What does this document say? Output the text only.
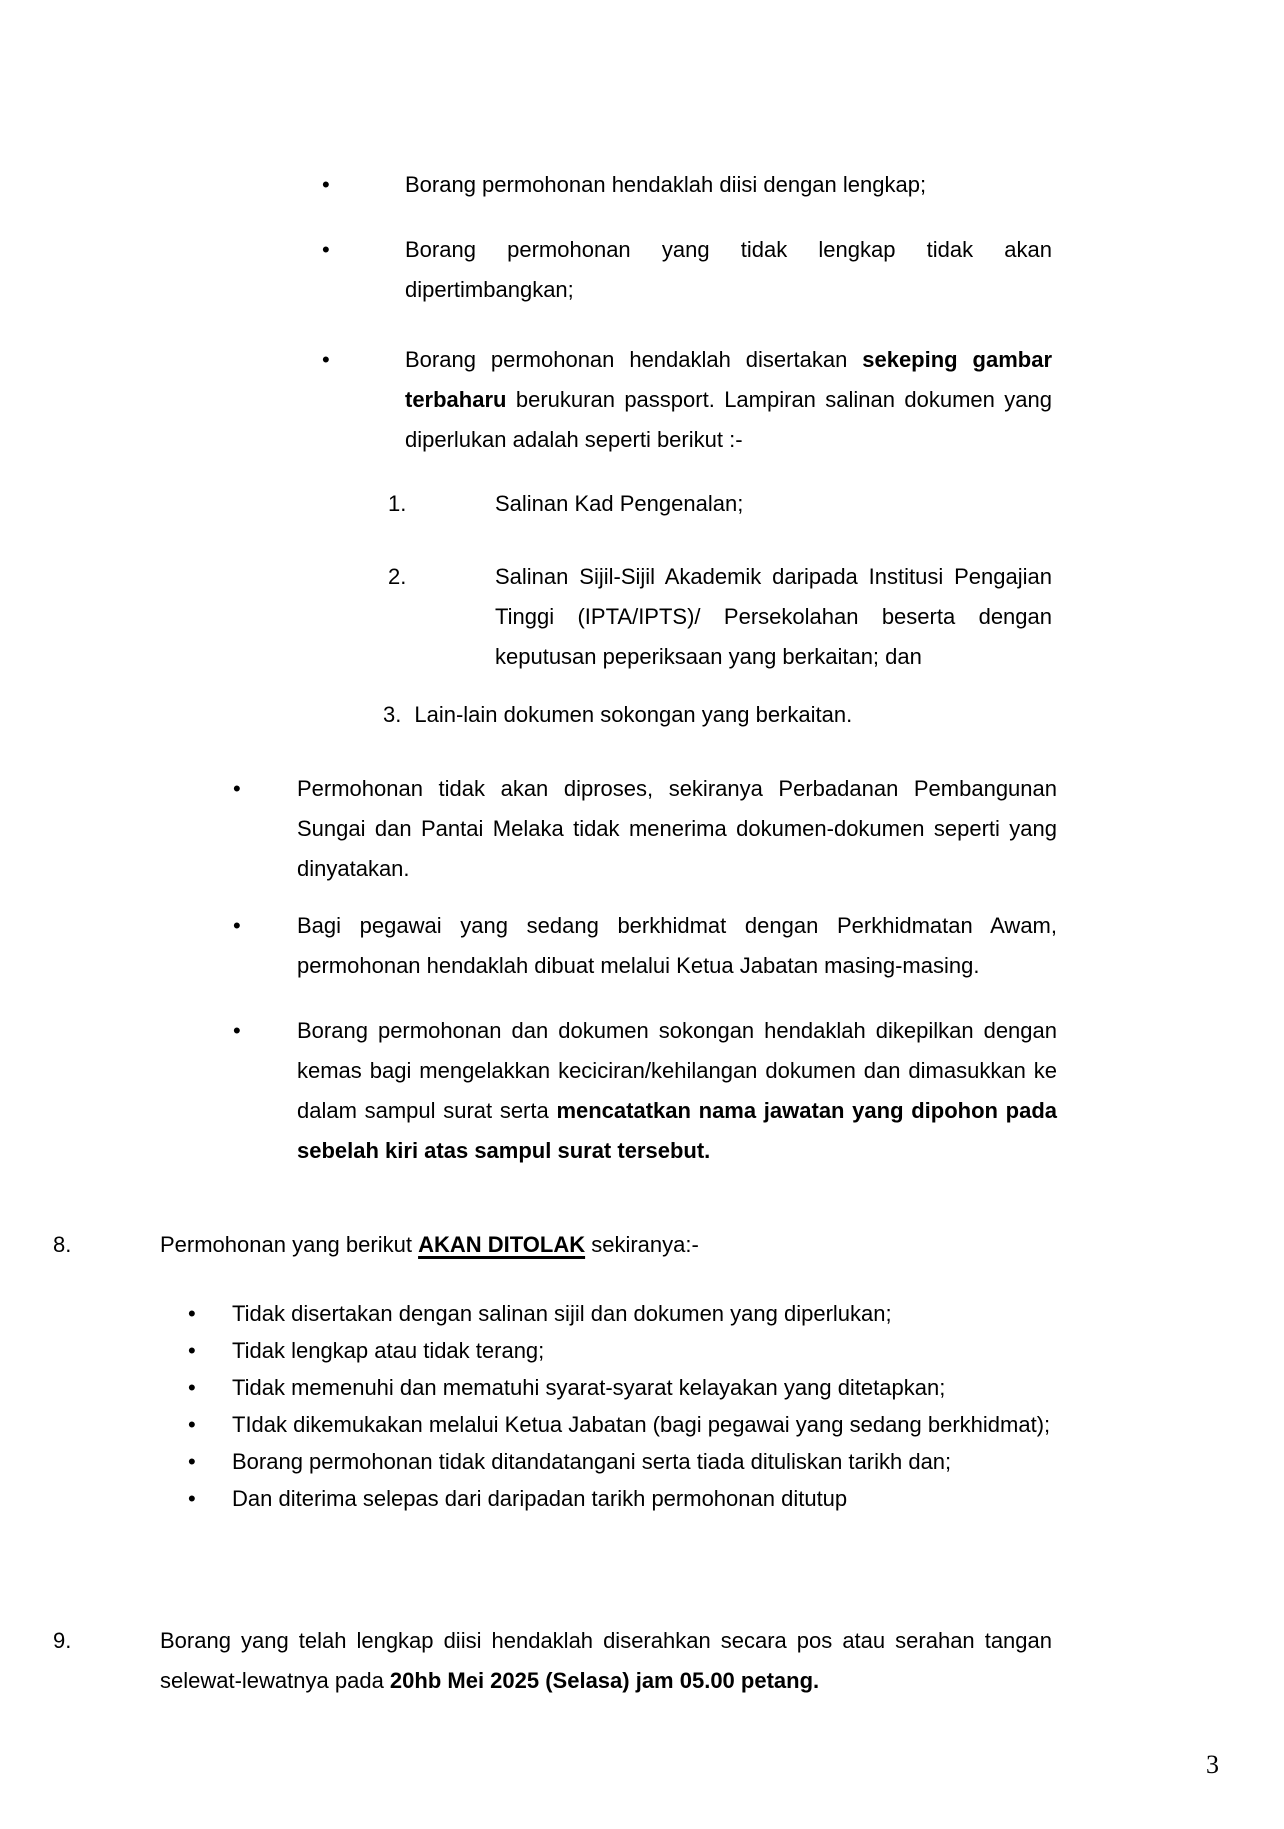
•	Borang permohonan hendaklah diisi dengan lengkap;
•	Borang permohonan yang tidak lengkap tidak akan dipertimbangkan;
•	Borang permohonan hendaklah disertakan sekeping gambar terbaharu berukuran passport. Lampiran salinan dokumen yang diperlukan adalah seperti berikut :-
1.	Salinan Kad Pengenalan;
2.	Salinan Sijil-Sijil Akademik daripada Institusi Pengajian Tinggi (IPTA/IPTS)/ Persekolahan beserta dengan keputusan peperiksaan yang berkaitan; dan
3. Lain-lain dokumen sokongan yang berkaitan.
•	Permohonan tidak akan diproses, sekiranya Perbadanan Pembangunan Sungai dan Pantai Melaka tidak menerima dokumen-dokumen seperti yang dinyatakan.
•	Bagi pegawai yang sedang berkhidmat dengan Perkhidmatan Awam, permohonan hendaklah dibuat melalui Ketua Jabatan masing-masing.
•	Borang permohonan dan dokumen sokongan hendaklah dikepilkan dengan kemas bagi mengelakkan keciciran/kehilangan dokumen dan dimasukkan ke dalam sampul surat serta mencatatkan nama jawatan yang dipohon pada sebelah kiri atas sampul surat tersebut.
8.	Permohonan yang berikut AKAN DITOLAK sekiranya:-
•	Tidak disertakan dengan salinan sijil dan dokumen yang diperlukan;
•	Tidak lengkap atau tidak terang;
•	Tidak memenuhi dan mematuhi syarat-syarat kelayakan yang ditetapkan;
•	TIdak dikemukakan melalui Ketua Jabatan (bagi pegawai yang sedang berkhidmat);
•	Borang permohonan tidak ditandatangani serta tiada dituliskan tarikh dan;
•	Dan diterima selepas dari daripadan tarikh permohonan ditutup
9.	Borang yang telah lengkap diisi hendaklah diserahkan secara pos atau serahan tangan selewat-lewatnya pada 20hb Mei 2025 (Selasa) jam 05.00 petang.
3
